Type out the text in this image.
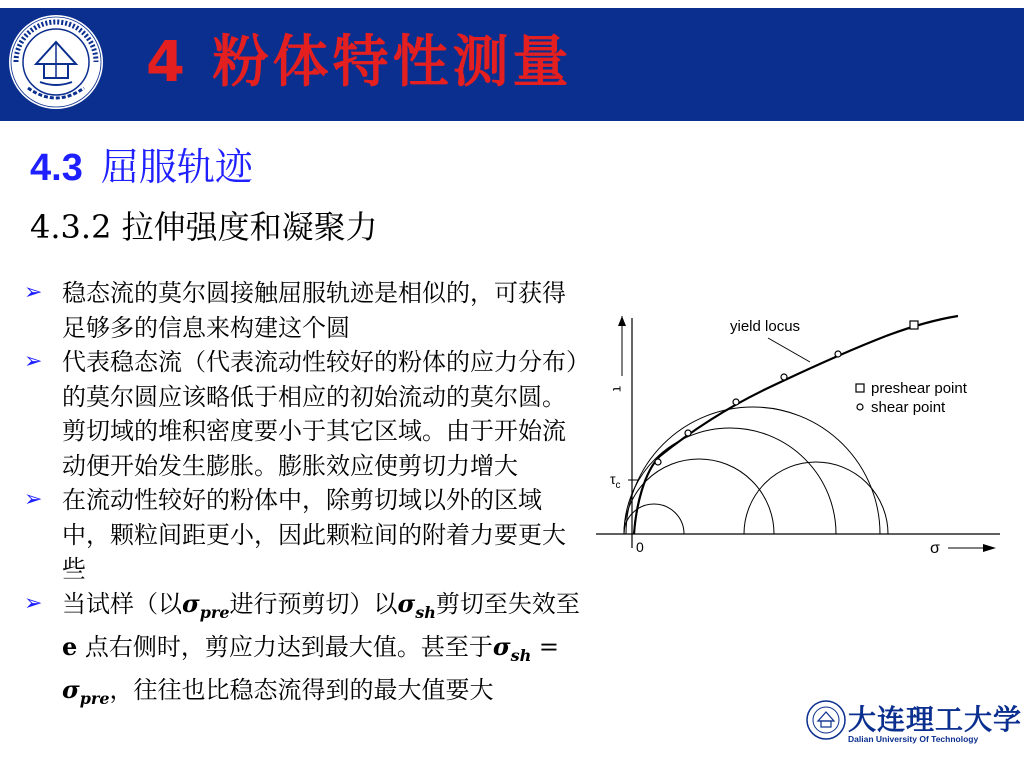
4 粉体特性测量
4.3 屈服轨迹
4.3.2 拉伸强度和凝聚力
➢ 稳态流的莫尔圆接触屈服轨迹是相似的，可获得足够多的信息来构建这个圆
➢ 代表稳态流（代表流动性较好的粉体的应力分布）的莫尔圆应该略低于相应的初始流动的莫尔圆。剪切域的堆积密度要小于其它区域。由于开始流动便开始发生膨胀。膨胀效应使剪切力增大
➢ 在流动性较好的粉体中，除剪切域以外的区域中，颗粒间距更小，因此颗粒间的附着力要更大些
➢ 当试样（以$\sigma_{pre}$进行预剪切）以$\sigma_{sh}$剪切至失效至e 点右侧时，剪应力达到最大值。甚至于$\sigma_{sh} = \sigma_{pre}$，往往也比稳态流得到的最大值要大
τ
σ
0
$\tau_c$
yield locus
preshear point
shear point
大连理工大学
Dalian University Of Technology
